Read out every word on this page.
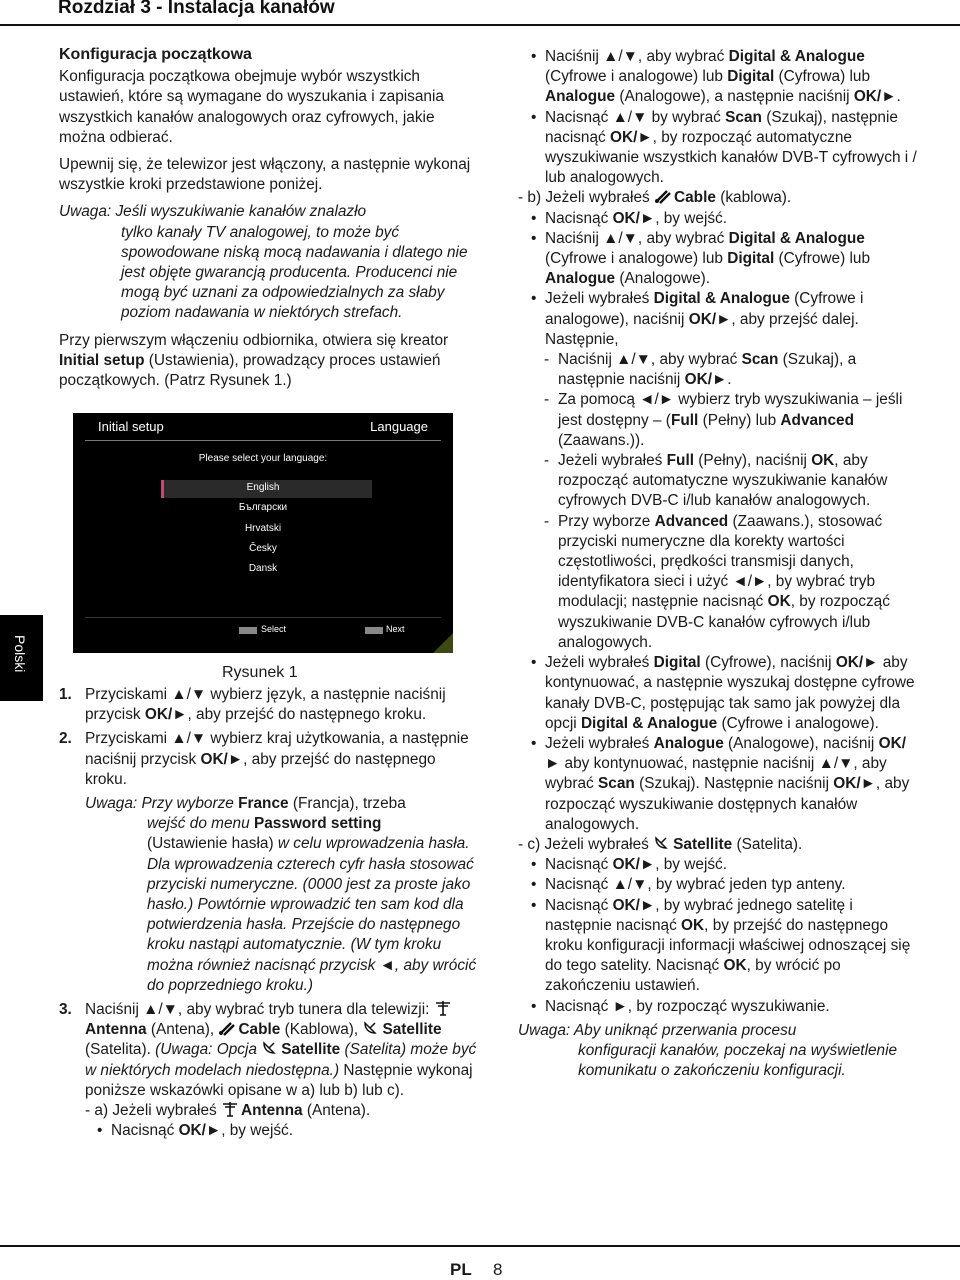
Rozdział 3 - Instalacja kanałów
Polski

Konfiguracja początkowa

Konfiguracja początkowa obejmuje wybór wszystkich ustawień, które są wymagane do wyszukania i zapisania wszystkich kanałów analogowych oraz cyfrowych, jakie można odbierać.

Upewnij się, że telewizor jest włączony, a następnie wykonaj wszystkie kroki przedstawione poniżej.

Uwaga: Jeśli wyszukiwanie kanałów znalazło

tylko kanały TV analogowej, to może być spowodowane niską mocą nadawania i dlatego nie jest objęte gwarancją producenta. Producenci nie mogą być uznani za odpowiedzialnych za słaby poziom nadawania w niektórych strefach.

Przy pierwszym włączeniu odbiornika, otwiera się kreator Initial setup (Ustawienia), prowadzący proces ustawień początkowych. (Patrz Rysunek 1.)

Initial setup	Language
Please select your language:
English
Български
Hrvatski
Česky
Dansk
Select	Next
Rysunek 1

1. Przyciskami ▲/▼ wybierz język, a następnie naciśnij przycisk OK/►, aby przejść do następnego kroku.

2. Przyciskami ▲/▼ wybierz kraj użytkowania, a następnie naciśnij przycisk OK/►, aby przejść do następnego kroku.

Uwaga: Przy wyborze France (Francja), trzeba

wejść do menu Password setting
(Ustawienie hasła) w celu wprowadzenia hasła. Dla wprowadzenia czterech cyfr hasła stosować przyciski numeryczne. (0000 jest za proste jako hasło.) Powtórnie wprowadzić ten sam kod dla potwierdzenia hasła. Przejście do następnego kroku nastąpi automatycznie. (W tym kroku można również nacisnąć przycisk ◄, aby wrócić do poprzedniego kroku.)

3. Naciśnij ▲/▼, aby wybrać tryb tunera dla telewizji: Antenna (Antena), Cable (Kablowa), Satellite (Satelita). (Uwaga: Opcja Satellite (Satelita) może być w niektórych modelach niedostępna.) Następnie wykonaj poniższe wskazówki opisane w a) lub b) lub c).

- a) Jeżeli wybrałeś Antenna (Antena).

• Nacisnąć OK/►, by wejść.

• Naciśnij ▲/▼, aby wybrać Digital & Analogue (Cyfrowe i analogowe) lub Digital (Cyfrowa) lub Analogue (Analogowe), a następnie naciśnij OK/►.

• Nacisnąć ▲/▼ by wybrać Scan (Szukaj), następnie nacisnąć OK/►, by rozpocząć automatyczne wyszukiwanie wszystkich kanałów DVB-T cyfrowych i / lub analogowych.

- b) Jeżeli wybrałeś Cable (kablowa).

• Nacisnąć OK/►, by wejść.

• Naciśnij ▲/▼, aby wybrać Digital & Analogue (Cyfrowe i analogowe) lub Digital (Cyfrowe) lub Analogue (Analogowe).

• Jeżeli wybrałeś Digital & Analogue (Cyfrowe i analogowe), naciśnij OK/►, aby przejść dalej. Następnie,

- Naciśnij ▲/▼, aby wybrać Scan (Szukaj), a następnie naciśnij OK/►.

- Za pomocą ◄/► wybierz tryb wyszukiwania – jeśli jest dostępny – (Full (Pełny) lub Advanced (Zaawans.)).

- Jeżeli wybrałeś Full (Pełny), naciśnij OK, aby rozpocząć automatyczne wyszukiwanie kanałów cyfrowych DVB-C i/lub kanałów analogowych.

- Przy wyborze Advanced (Zaawans.), stosować przyciski numeryczne dla korekty wartości częstotliwości, prędkości transmisji danych, identyfikatora sieci i użyć ◄/►, by wybrać tryb modulacji; następnie nacisnąć OK, by rozpocząć wyszukiwanie DVB-C kanałów cyfrowych i/lub analogowych.

• Jeżeli wybrałeś Digital (Cyfrowe), naciśnij OK/► aby kontynuować, a następnie wyszukaj dostępne cyfrowe kanały DVB-C, postępując tak samo jak powyżej dla opcji Digital & Analogue (Cyfrowe i analogowe).

• Jeżeli wybrałeś Analogue (Analogowe), naciśnij OK/► aby kontynuować, następnie naciśnij ▲/▼, aby wybrać Scan (Szukaj). Następnie naciśnij OK/►, aby rozpocząć wyszukiwanie dostępnych kanałów analogowych.

- c) Jeżeli wybrałeś Satellite (Satelita).

• Nacisnąć OK/►, by wejść.

• Nacisnąć ▲/▼, by wybrać jeden typ anteny.

• Nacisnąć OK/►, by wybrać jednego satelitę i następnie nacisnąć OK, by przejść do następnego kroku konfiguracji informacji właściwej odnoszącej się do tego satelity. Nacisnąć OK, by wrócić po zakończeniu ustawień.

• Nacisnąć ►, by rozpocząć wyszukiwanie.

Uwaga: Aby uniknąć przerwania procesu

konfiguracji kanałów, poczekaj na wyświetlenie komunikatu o zakończeniu konfiguracji.

PL 8
